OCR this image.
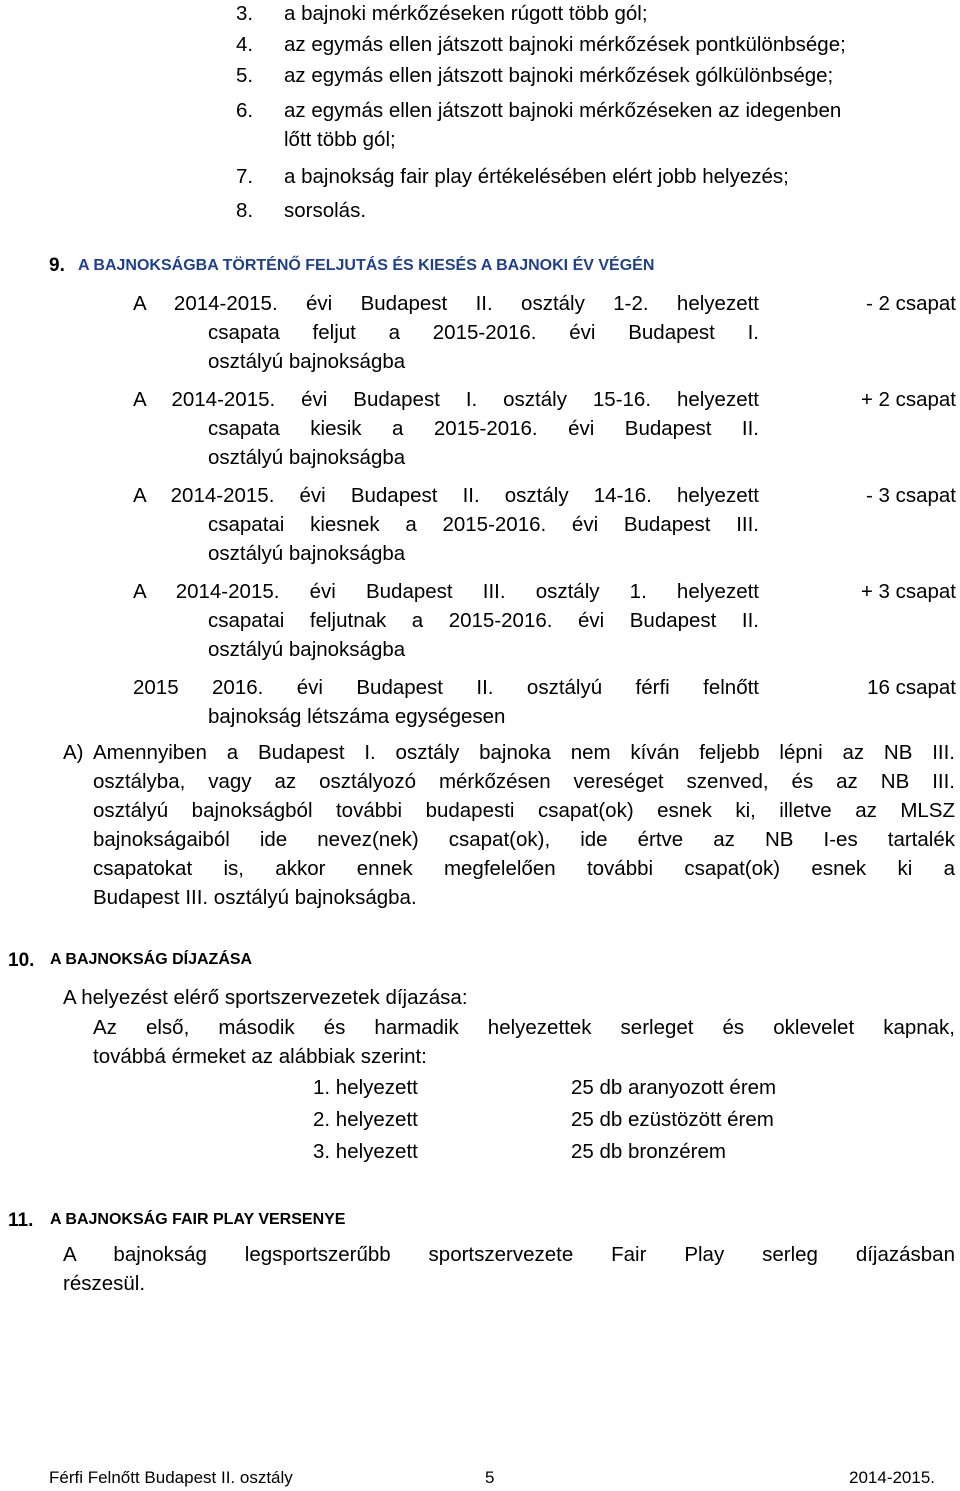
3. a bajnoki mérkőzéseken rúgott több gól;
4. az egymás ellen játszott bajnoki mérkőzések pontkülönbsége;
5. az egymás ellen játszott bajnoki mérkőzések gólkülönbsége;
6. az egymás ellen játszott bajnoki mérkőzéseken az idegenben
lőtt több gól;
7. a bajnokság fair play értékelésében elért jobb helyezés;
8. sorsolás.
9. A BAJNOKSÁGBA TÖRTÉNŐ FELJUTÁS ÉS KIESÉS A BAJNOKI ÉV VÉGÉN
A 2014-2015. évi Budapest II. osztály 1-2. helyezett
csapata feljut a 2015-2016. évi Budapest I.
osztályú bajnokságba
- 2 csapat
A 2014-2015. évi Budapest I. osztály 15-16. helyezett
csapata kiesik a 2015-2016. évi Budapest II.
osztályú bajnokságba
+ 2 csapat
A 2014-2015. évi Budapest II. osztály 14-16. helyezett
csapatai kiesnek a 2015-2016. évi Budapest III.
osztályú bajnokságba
- 3 csapat
A 2014-2015. évi Budapest III. osztály 1. helyezett
csapatai feljutnak a 2015-2016. évi Budapest II.
osztályú bajnokságba
+ 3 csapat
2015 2016. évi Budapest II. osztályú férfi felnőtt
bajnokság létszáma egységesen
16 csapat
A) Amennyiben a Budapest I. osztály bajnoka nem kíván feljebb lépni az NB III.
osztályba, vagy az osztályozó mérkőzésen vereséget szenved, és az NB III.
osztályú bajnokságból további budapesti csapat(ok) esnek ki, illetve az MLSZ
bajnokságaiból ide nevez(nek) csapat(ok), ide értve az NB I-es tartalék
csapatokat is, akkor ennek megfelelően további csapat(ok) esnek ki a
Budapest III. osztályú bajnokságba.
10. A BAJNOKSÁG DÍJAZÁSA
A helyezést elérő sportszervezetek díjazása:
Az első, második és harmadik helyezettek serleget és oklevelet kapnak,
továbbá érmeket az alábbiak szerint:
1. helyezett	25 db aranyozott érem
2. helyezett	25 db ezüstözött érem
3. helyezett	25 db bronzérem
11. A BAJNOKSÁG FAIR PLAY VERSENYE
A bajnokság legsportszerűbb sportszervezete Fair Play serleg díjazásban
részesül.
Férfi Felnőtt Budapest II. osztály	5	2014-2015.
